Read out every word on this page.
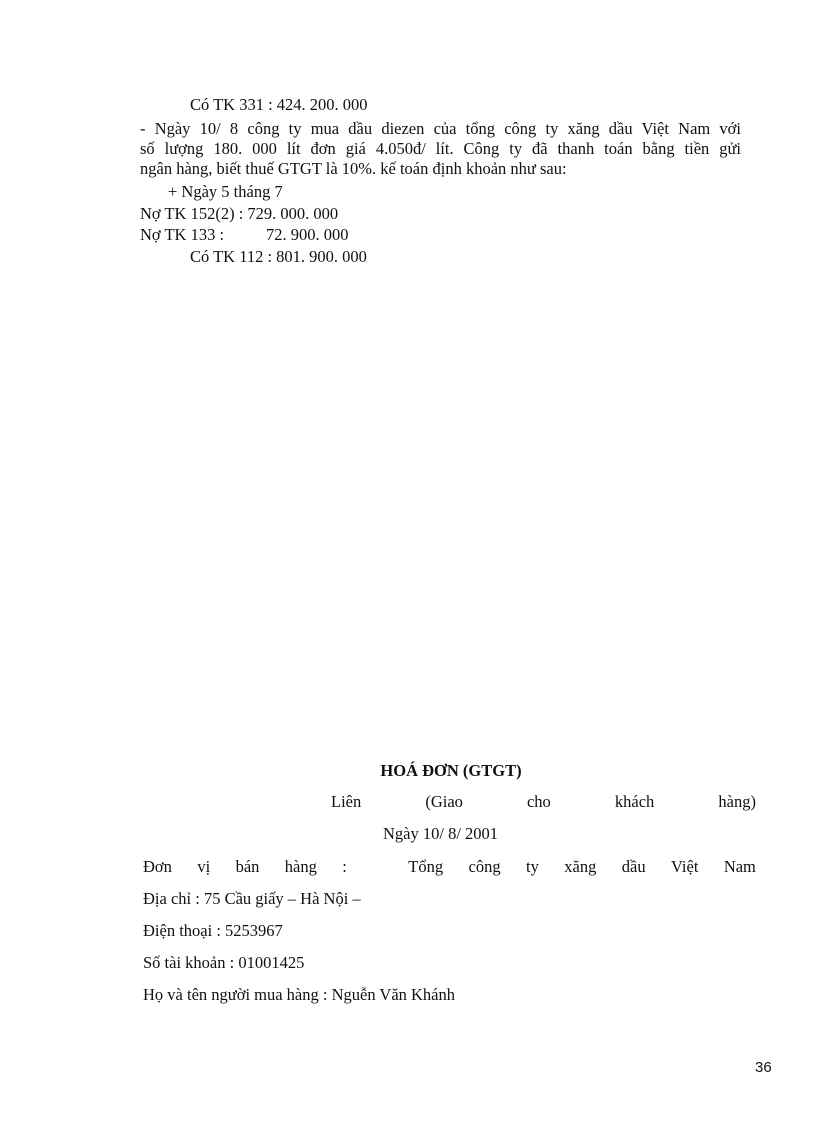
Có TK 331 : 424. 200. 000
- Ngày 10/ 8 công ty mua dầu diezen của tổng công ty xăng dầu Việt Nam với
số lượng 180. 000 lít đơn giá 4.050đ/ lít. Công ty đã thanh toán bằng tiền gửi
ngân hàng, biết thuế GTGT là 10%. kế toán định khoản như sau:
+ Ngày 5 tháng 7
Nợ TK 152(2) : 729. 000. 000
Nợ TK 133 :	72. 900. 000
Có TK 112 : 801. 900. 000
HOÁ ĐƠN (GTGT)
Liên	(Giao	cho	khách	hàng)
Ngày 10/ 8/ 2001
Đơn vị bán hàng :	Tổng công ty xăng dầu Việt Nam
Địa chỉ : 75 Cầu giấy – Hà Nội –
Điện thoại : 5253967
Số tài khoản : 01001425
Họ và tên người mua hàng : Nguễn Văn Khánh
36
